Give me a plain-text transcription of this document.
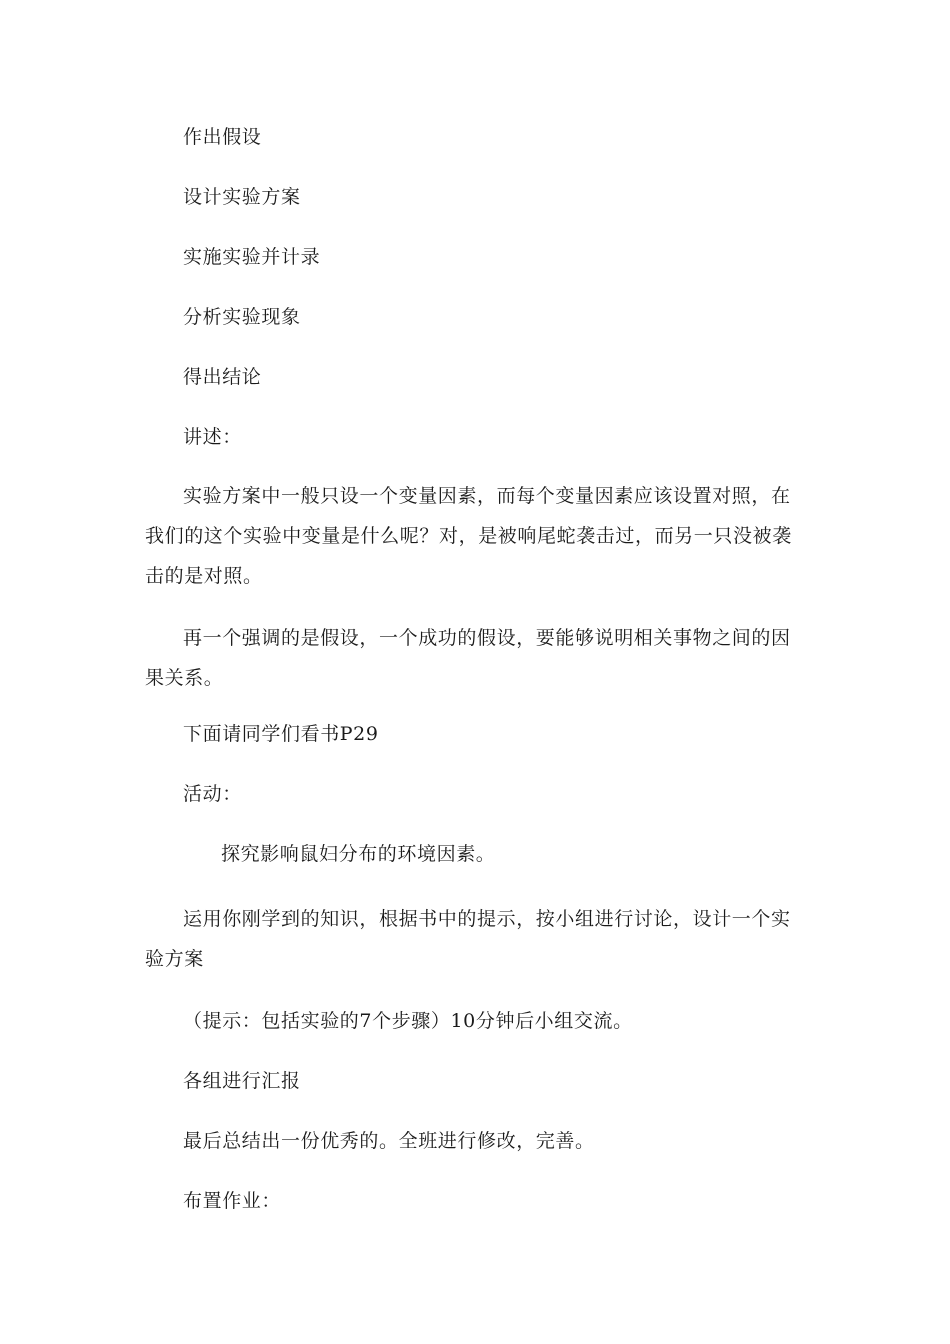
作出假设

设计实验方案

实施实验并计录

分析实验现象

得出结论

讲述：

实验方案中一般只设一个变量因素，而每个变量因素应该设置对照，在我们的这个实验中变量是什么呢？对，是被响尾蛇袭击过，而另一只没被袭击的是对照。

再一个强调的是假设，一个成功的假设，要能够说明相关事物之间的因果关系。

下面请同学们看书P29

活动：

探究影响鼠妇分布的环境因素。

运用你刚学到的知识，根据书中的提示，按小组进行讨论，设计一个实验方案

（提示：包括实验的7个步骤）10分钟后小组交流。

各组进行汇报

最后总结出一份优秀的。全班进行修改，完善。

布置作业：
